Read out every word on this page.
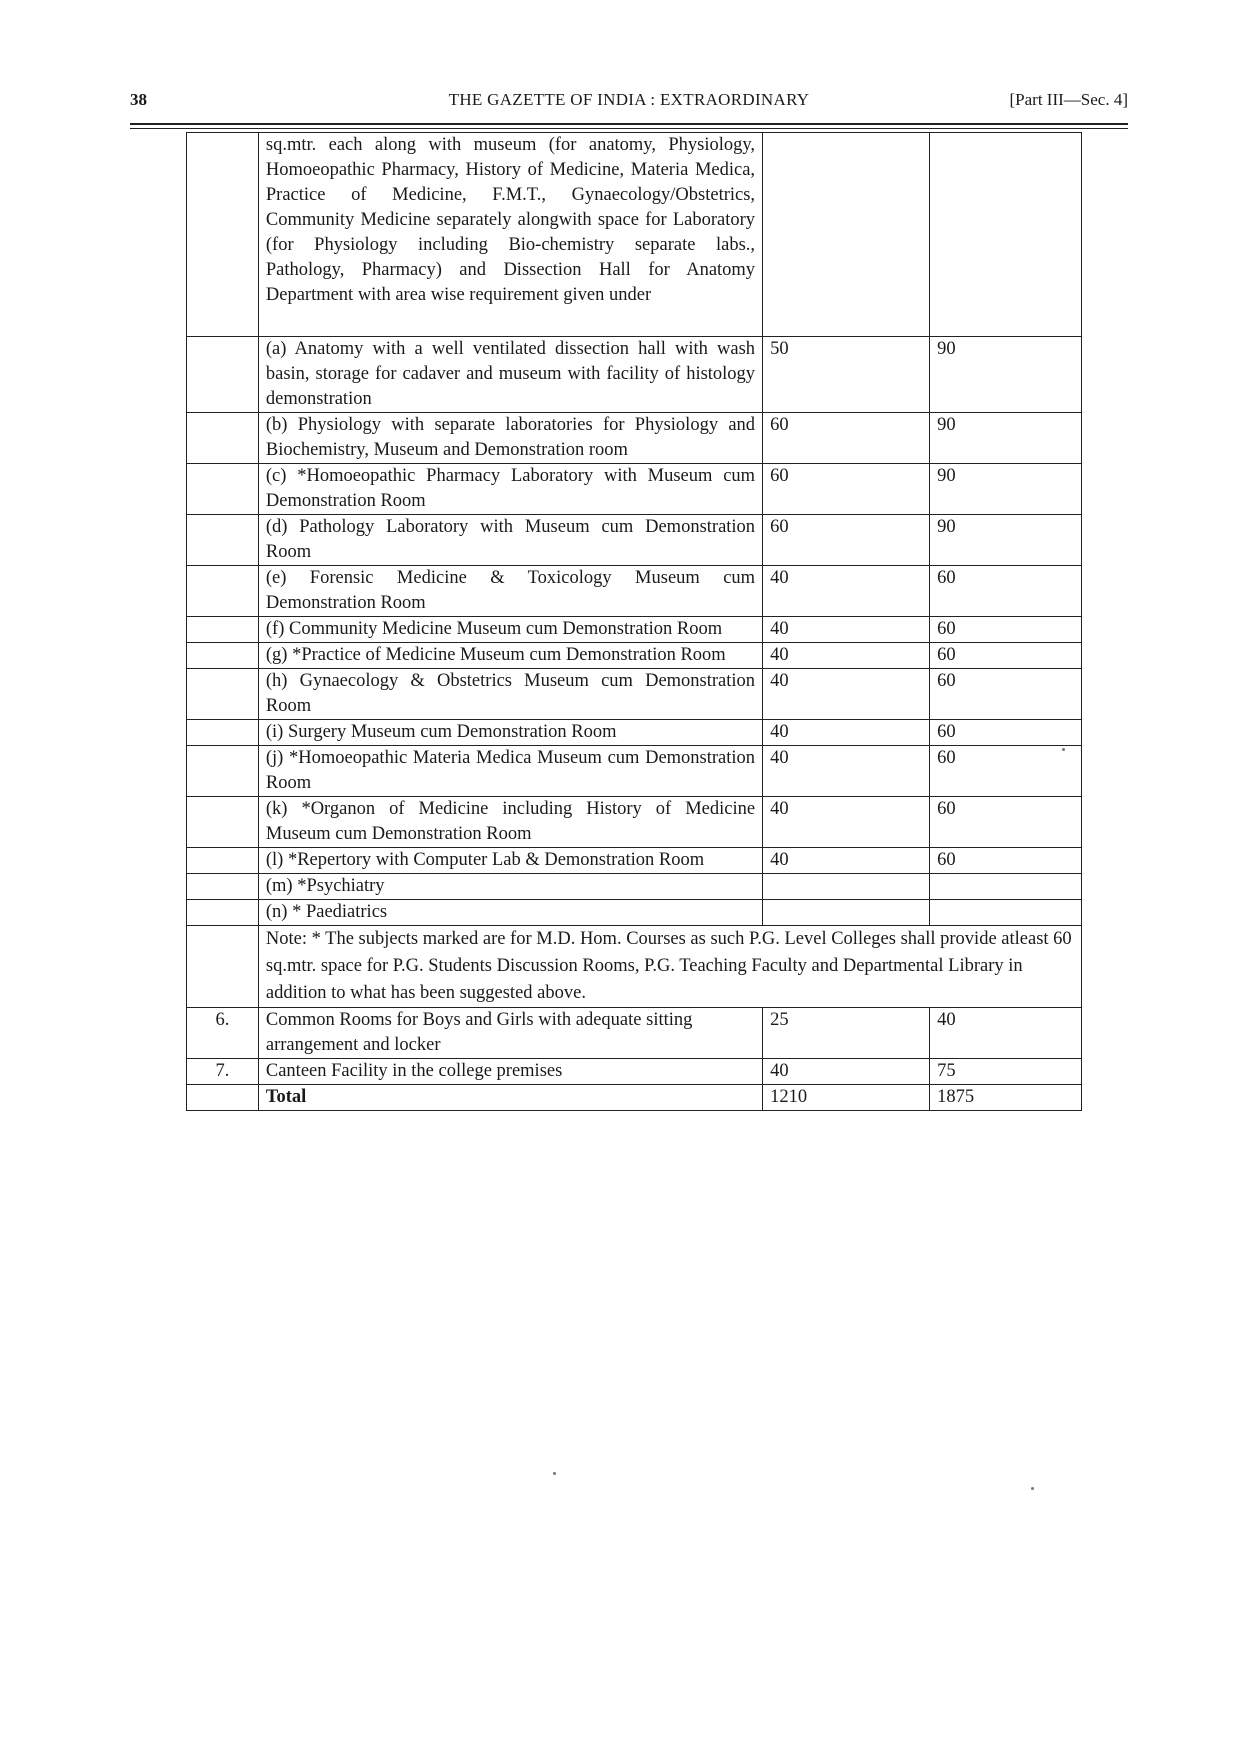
38	THE GAZETTE OF INDIA : EXTRAORDINARY	[Part III—Sec. 4]
	sq.mtr. each along with museum (for anatomy, Physiology, Homoeopathic Pharmacy, History of Medicine, Materia Medica, Practice of Medicine, F.M.T., Gynaecology/Obstetrics, Community Medicine separately alongwith space for Laboratory (for Physiology including Bio-chemistry separate labs., Pathology, Pharmacy) and Dissection Hall for Anatomy Department with area wise requirement given under		
	(a) Anatomy with a well ventilated dissection hall with wash basin, storage for cadaver and museum with facility of histology demonstration	50	90
	(b) Physiology with separate laboratories for Physiology and Biochemistry, Museum and Demonstration room	60	90
	(c) *Homoeopathic Pharmacy Laboratory with Museum cum Demonstration Room	60	90
	(d) Pathology Laboratory with Museum cum Demonstration Room	60	90
	(e) Forensic Medicine & Toxicology Museum cum Demonstration Room	40	60
	(f) Community Medicine Museum cum Demonstration Room	40	60
	(g) *Practice of Medicine Museum cum Demonstration Room	40	60
	(h) Gynaecology & Obstetrics Museum cum Demonstration Room	40	60
	(i) Surgery Museum cum Demonstration Room	40	60
	(j) *Homoeopathic Materia Medica Museum cum Demonstration Room	40	60
	(k) *Organon of Medicine including History of Medicine Museum cum Demonstration Room	40	60
	(l) *Repertory with Computer Lab & Demonstration Room	40	60
	(m) *Psychiatry		
	(n) * Paediatrics		
	Note: * The subjects marked are for M.D. Hom. Courses as such P.G. Level Colleges shall provide atleast 60 sq.mtr. space for P.G. Students Discussion Rooms, P.G. Teaching Faculty and Departmental Library in addition to what has been suggested above.		
6.	Common Rooms for Boys and Girls with adequate sitting arrangement and locker	25	40
7.	Canteen Facility in the college premises	40	75
	Total	1210	1875
